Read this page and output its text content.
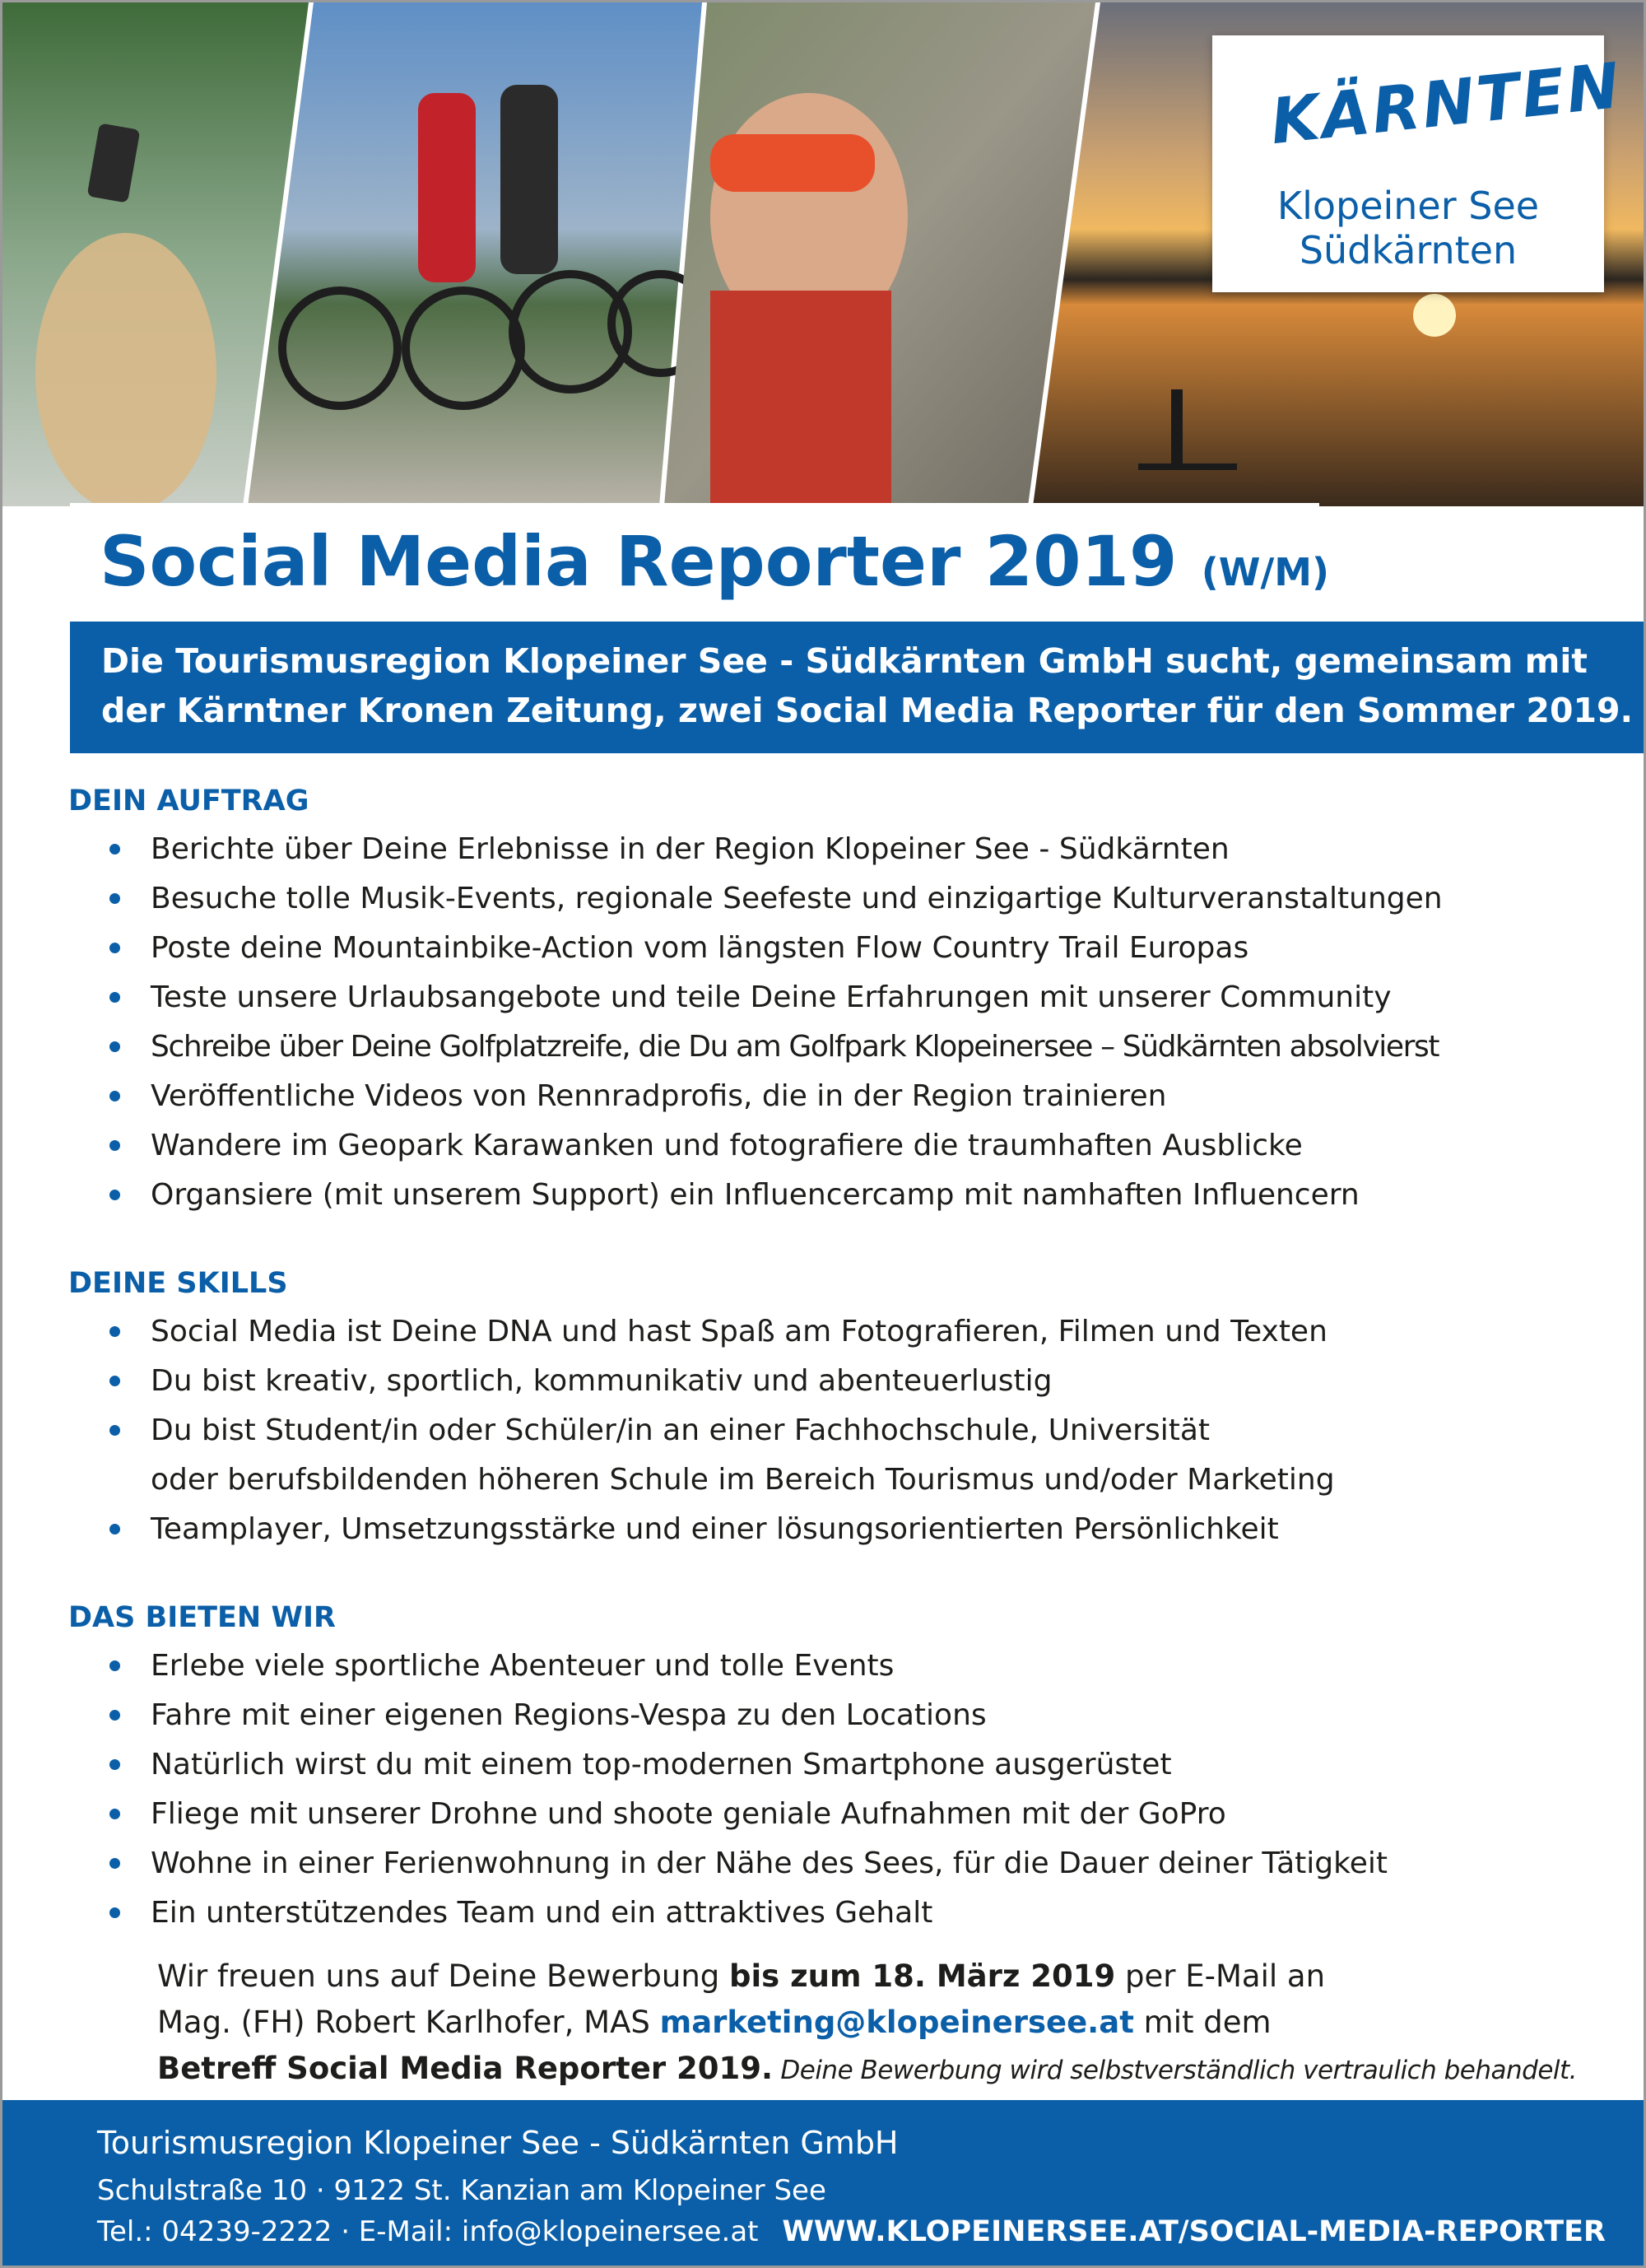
KÄRNTEN
Klopeiner See
Südkärnten
Social Media Reporter 2019 (W/M)
Die Tourismusregion Klopeiner See - Südkärnten GmbH sucht, gemeinsam mit
der Kärntner Kronen Zeitung, zwei Social Media Reporter für den Sommer 2019.
DEIN AUFTRAG
Berichte über Deine Erlebnisse in der Region Klopeiner See - Südkärnten
Besuche tolle Musik-Events, regionale Seefeste und einzigartige Kulturveranstaltungen
Poste deine Mountainbike-Action vom längsten Flow Country Trail Europas
Teste unsere Urlaubsangebote und teile Deine Erfahrungen mit unserer Community
Schreibe über Deine Golfplatzreife, die Du am Golfpark Klopeinersee – Südkärnten absolvierst
Veröffentliche Videos von Rennradprofis, die in der Region trainieren
Wandere im Geopark Karawanken und fotografiere die traumhaften Ausblicke
Organsiere (mit unserem Support) ein Influencercamp mit namhaften Influencern
DEINE SKILLS
Social Media ist Deine DNA und hast Spaß am Fotografieren, Filmen und Texten
Du bist kreativ, sportlich, kommunikativ und abenteuerlustig
Du bist Student/in oder Schüler/in an einer Fachhochschule, Universität
oder berufsbildenden höheren Schule im Bereich Tourismus und/oder Marketing
Teamplayer, Umsetzungsstärke und einer lösungsorientierten Persönlichkeit
DAS BIETEN WIR
Erlebe viele sportliche Abenteuer und tolle Events
Fahre mit einer eigenen Regions-Vespa zu den Locations
Natürlich wirst du mit einem top-modernen Smartphone ausgerüstet
Fliege mit unserer Drohne und shoote geniale Aufnahmen mit der GoPro
Wohne in einer Ferienwohnung in der Nähe des Sees, für die Dauer deiner Tätigkeit
Ein unterstützendes Team und ein attraktives Gehalt
Wir freuen uns auf Deine Bewerbung bis zum 18. März 2019 per E-Mail an
Mag. (FH) Robert Karlhofer, MAS marketing@klopeinersee.at mit dem
Betreff Social Media Reporter 2019. Deine Bewerbung wird selbstverständlich vertraulich behandelt.
Tourismusregion Klopeiner See - Südkärnten GmbH
Schulstraße 10 · 9122 St. Kanzian am Klopeiner See
Tel.: 04239-2222 · E-Mail: info@klopeinersee.at WWW.KLOPEINERSEE.AT/SOCIAL-MEDIA-REPORTER
